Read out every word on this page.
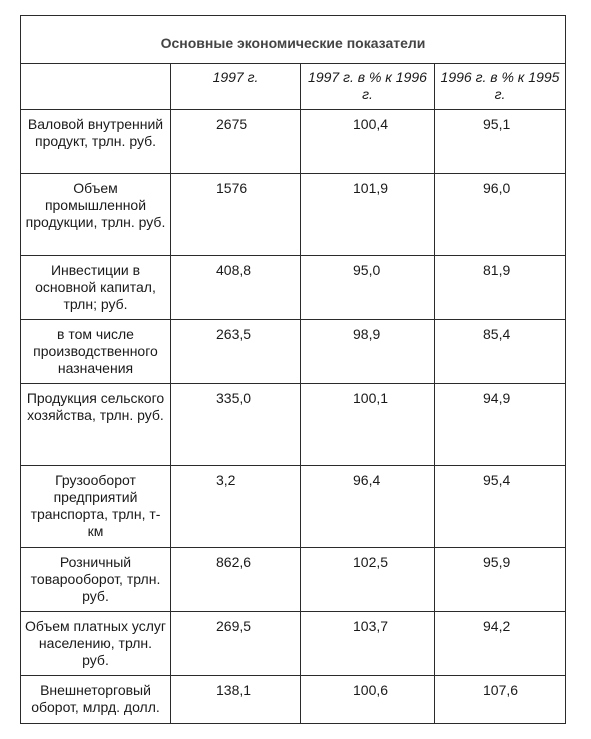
Основные экономические показатели			

	1997 г.	1997 г. в % к 1996 г.	1996 г. в % к 1995 г.

Валовой внутренний продукт, трлн. руб.	2675	100,4	95,1

Объем промышленной продукции, трлн. руб.	1576	101,9	96,0

Инвестиции в основной капитал, трлн; руб.	408,8	95,0	81,9

в том числе производственного назначения	263,5	98,9	85,4

Продукция сельского хозяйства, трлн. руб.	335,0	100,1	94,9

Грузооборот предприятий транспорта, трлн, т-км	3,2	96,4	95,4

Розничный товарооборот, трлн. руб.	862,6	102,5	95,9

Объем платных услуг населению, трлн. руб.	269,5	103,7	94,2

Внешнеторговый оборот, млрд. долл.	138,1	100,6	107,6
